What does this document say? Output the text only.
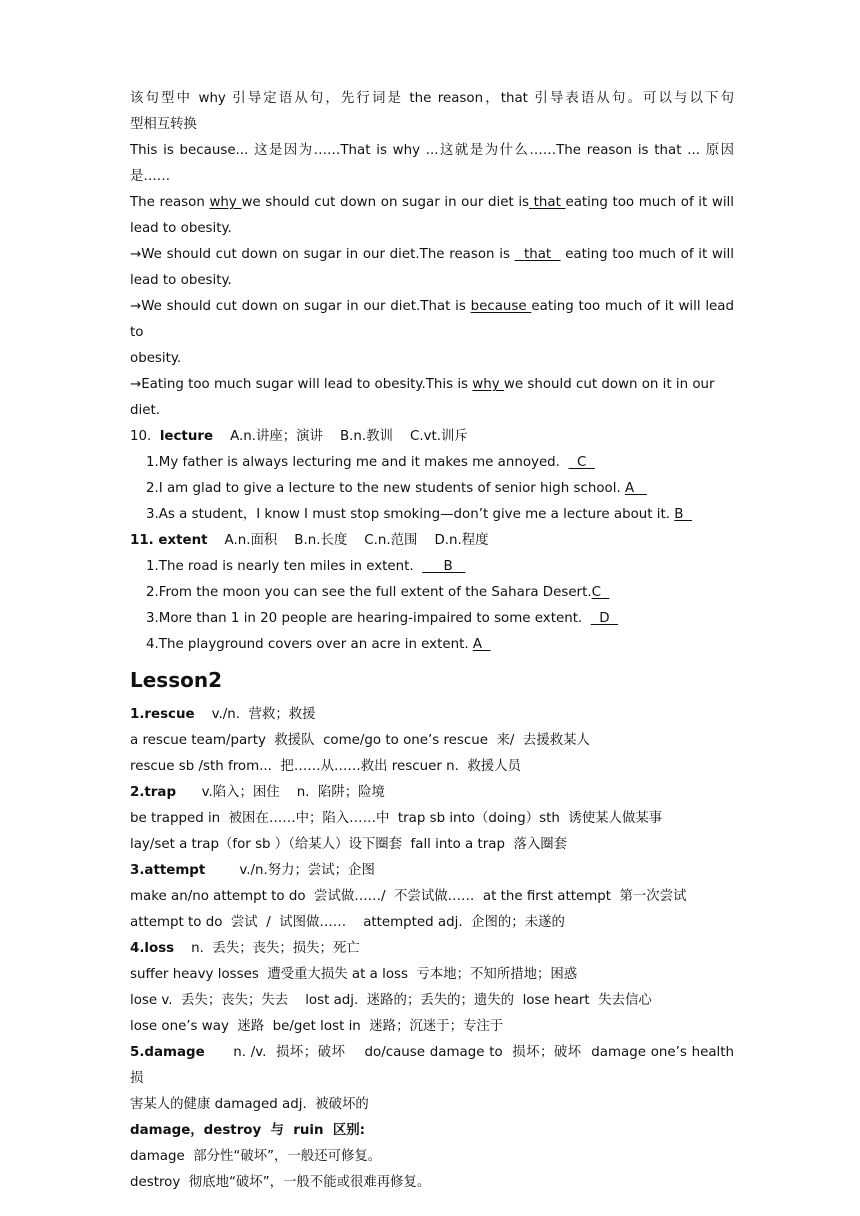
该句型中 why 引导定语从句，先行词是 the reason，that 引导表语从句。可以与以下句
型相互转换
This is because... 这是因为……That is why ...这就是为什么……The reason is that ... 原因
是……
The reason why we should cut down on sugar in our diet is that eating too much of it will
lead to obesity.
→We should cut down on sugar in our diet.The reason is   that   eating too much of it will
lead to obesity.
→We should cut down on sugar in our diet.That is because eating too much of it will lead to
obesity.
→Eating too much sugar will lead to obesity.This is why we should cut down on it in our diet.
10.  lecture    A.n.讲座；演讲    B.n.教训    C.vt.训斥
1.My father is always lecturing me and it makes me annoyed.    C
2.I am glad to give a lecture to the new students of senior high school. A
3.As a student，I know I must stop smoking—don’t give me a lecture about it. B
11. extent    A.n.面积    B.n.长度    C.n.范围    D.n.程度
1.The road is nearly ten miles in extent.       B
2.From the moon you can see the full extent of the Sahara Desert.C
3.More than 1 in 20 people are hearing-impaired to some extent.    D
4.The playground covers over an acre in extent. A
Lesson2
1.rescue    v./n.  营救；救援
a rescue team/party  救援队  come/go to one’s rescue  来/  去援救某人
rescue sb /sth from...  把……从……救出 rescuer n.  救援人员
2.trap      v.陷入；困住    n.  陷阱；险境
be trapped in  被困在……中；陷入……中  trap sb into（doing）sth  诱使某人做某事
lay/set a trap（for sb ）（给某人）设下圈套  fall into a trap  落入圈套
3.attempt        v./n.努力；尝试；企图
make an/no attempt to do  尝试做……/  不尝试做……  at the first attempt  第一次尝试
attempt to do  尝试  /  试图做……    attempted adj.  企图的；未遂的
4.loss    n.  丢失；丧失；损失；死亡
suffer heavy losses  遭受重大损失 at a loss  亏本地；不知所措地；困惑
lose v.  丢失；丧失；失去    lost adj.  迷路的；丢失的；遗失的  lose heart  失去信心
lose one’s way  迷路  be/get lost in  迷路；沉迷于；专注于
5.damage      n. /v.  损坏；破坏    do/cause damage to  损坏；破坏  damage one’s health  损
害某人的健康 damaged adj.  被破坏的
damage，destroy  与  ruin  区别:
damage  部分性“破坏”，一般还可修复。
destroy  彻底地“破坏”，一般不能或很难再修复。
